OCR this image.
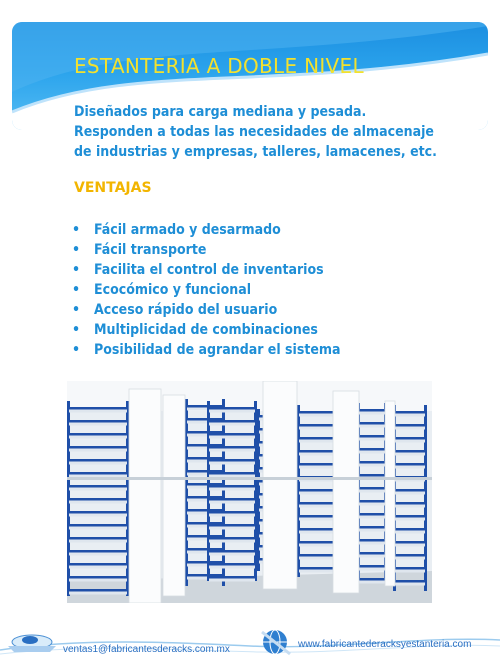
ESTANTERIA A DOBLE NIVEL

Diseñados para carga mediana y pesada.
Responden a todas las necesidades de almacenaje
de industrias y empresas, talleres, lamacenes, etc.

VENTAJAS
• Fácil armado y desarmado
• Fácil transporte
• Facilita el control de inventarios
• Ecocómico y funcional
• Acceso rápido del usuario
• Multiplicidad de combinaciones
• Posibilidad de agrandar el sistema
ventas1@fabricantesderacks.com.mx	www.fabricantederacksyestanteria.com
